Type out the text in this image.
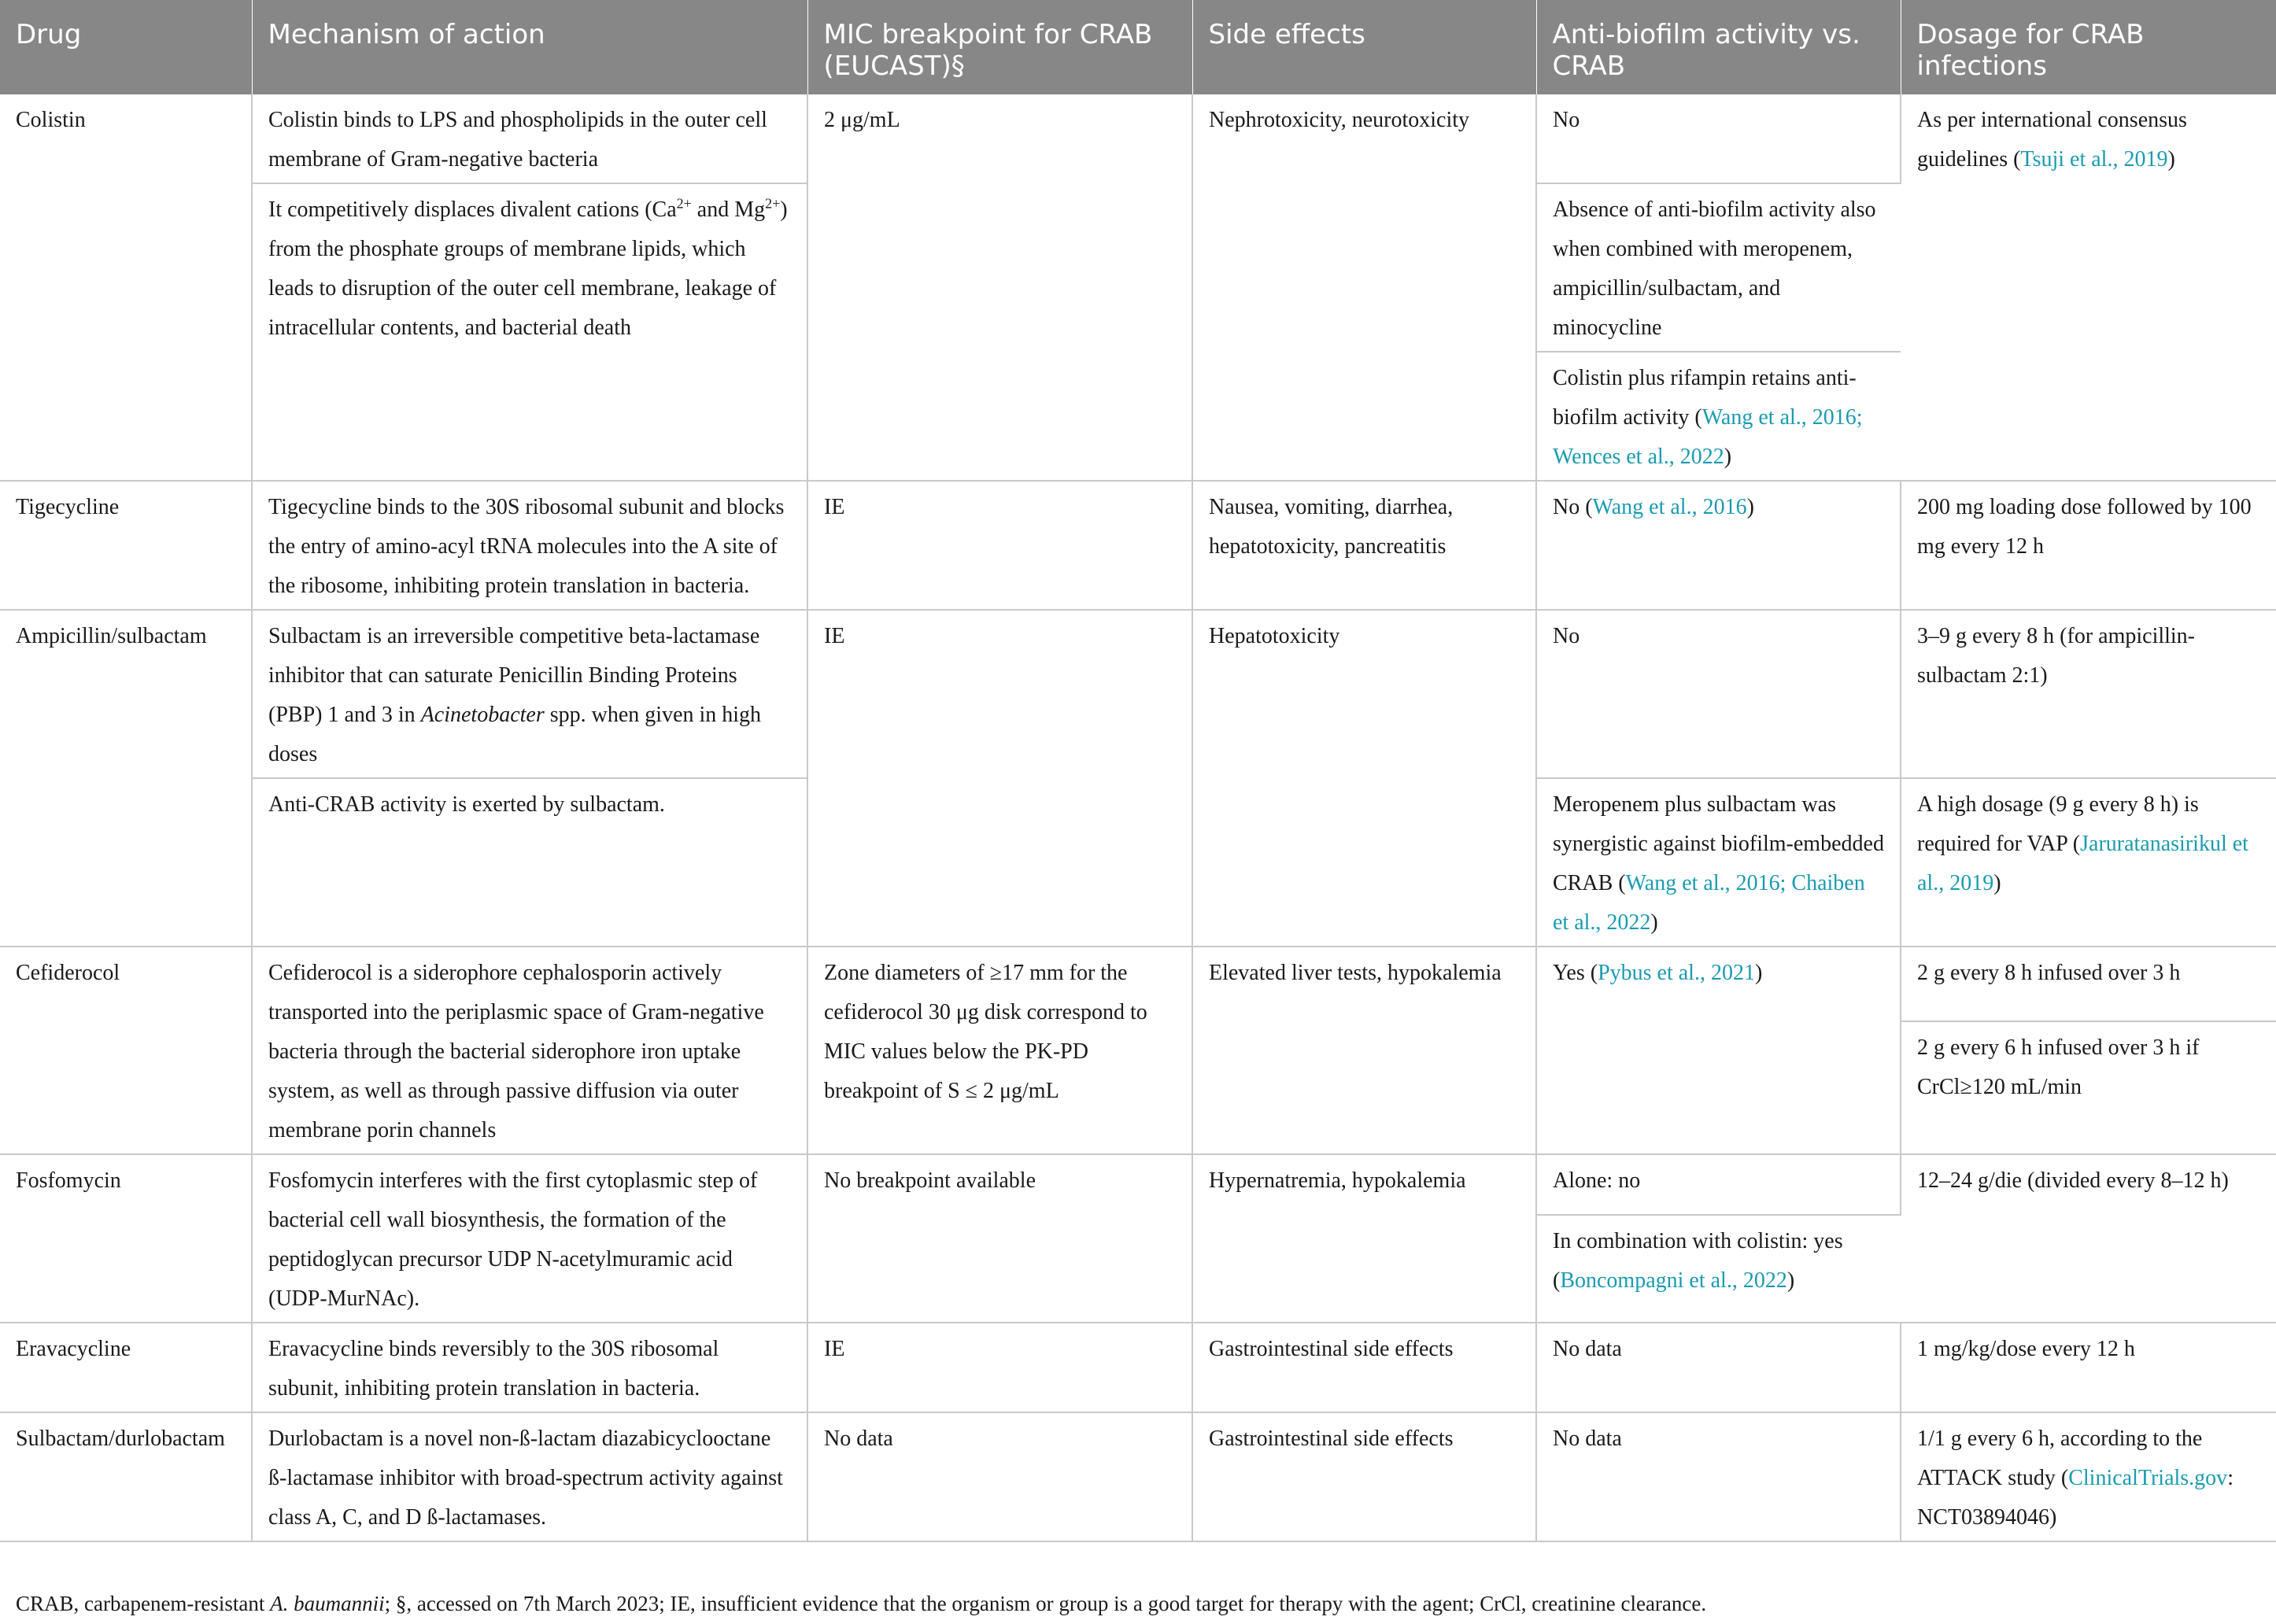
Drug	Mechanism of action	MIC breakpoint for CRAB (EUCAST)§	Side effects	Anti-biofilm activity vs. CRAB	Dosage for CRAB infections
Colistin	Colistin binds to LPS and phospholipids in the outer cell membrane of Gram-negative bacteria	2 μg/mL	Nephrotoxicity, neurotoxicity	No	As per international consensus guidelines (Tsuji et al., 2019)
	It competitively displaces divalent cations ($Ca^{2+}$ and $Mg^{2+}$) from the phosphate groups of membrane lipids, which leads to disruption of the outer cell membrane, leakage of intracellular contents, and bacterial death			Absence of anti-biofilm activity also when combined with meropenem, ampicillin/sulbactam, and minocycline	
				Colistin plus rifampin retains anti-biofilm activity (Wang et al., 2016; Wences et al., 2022)	
Tigecycline	Tigecycline binds to the 30S ribosomal subunit and blocks the entry of amino-acyl tRNA molecules into the A site of the ribosome, inhibiting protein translation in bacteria.	IE	Nausea, vomiting, diarrhea, hepatotoxicity, pancreatitis	No (Wang et al., 2016)	200 mg loading dose followed by 100 mg every 12 h
Ampicillin/sulbactam	Sulbactam is an irreversible competitive beta-lactamase inhibitor that can saturate Penicillin Binding Proteins (PBP) 1 and 3 in Acinetobacter spp. when given in high doses	IE	Hepatotoxicity	No	3–9 g every 8 h (for ampicillin-sulbactam 2:1)
	Anti-CRAB activity is exerted by sulbactam.			Meropenem plus sulbactam was synergistic against biofilm-embedded CRAB (Wang et al., 2016; Chaiben et al., 2022)	A high dosage (9 g every 8 h) is required for VAP (Jaruratanasirikul et al., 2019)
Cefiderocol	Cefiderocol is a siderophore cephalosporin actively transported into the periplasmic space of Gram-negative bacteria through the bacterial siderophore iron uptake system, as well as through passive diffusion via outer membrane porin channels	Zone diameters of ≥17 mm for the cefiderocol 30 μg disk correspond to MIC values below the PK-PD breakpoint of S ≤ 2 μg/mL	Elevated liver tests, hypokalemia	Yes (Pybus et al., 2021)	2 g every 8 h infused over 3 h
					2 g every 6 h infused over 3 h if CrCl≥120 mL/min
Fosfomycin	Fosfomycin interferes with the first cytoplasmic step of bacterial cell wall biosynthesis, the formation of the peptidoglycan precursor UDP N-acetylmuramic acid (UDP-MurNAc).	No breakpoint available	Hypernatremia, hypokalemia	Alone: no	12–24 g/die (divided every 8–12 h)
				In combination with colistin: yes (Boncompagni et al., 2022)	
Eravacycline	Eravacycline binds reversibly to the 30S ribosomal subunit, inhibiting protein translation in bacteria.	IE	Gastrointestinal side effects	No data	1 mg/kg/dose every 12 h
Sulbactam/durlobactam	Durlobactam is a novel non-ß-lactam diazabicyclooctane ß-lactamase inhibitor with broad-spectrum activity against class A, C, and D ß-lactamases.	No data	Gastrointestinal side effects	No data	1/1 g every 6 h, according to the ATTACK study (ClinicalTrials.gov: NCT03894046)
CRAB, carbapenem-resistant A. baumannii; §, accessed on 7th March 2023; IE, insufficient evidence that the organism or group is a good target for therapy with the agent; CrCl, creatinine clearance.
